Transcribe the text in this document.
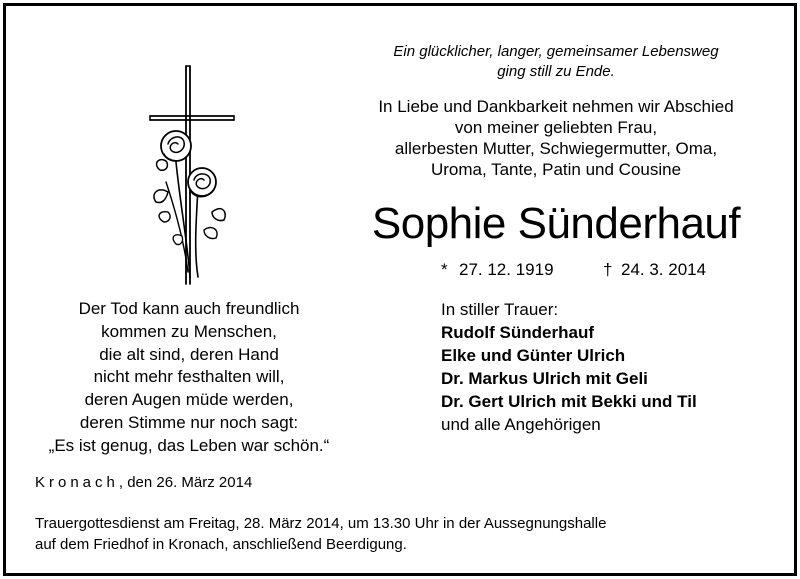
Ein glücklicher, langer, gemeinsamer Lebensweg
ging still zu Ende.
In Liebe und Dankbarkeit nehmen wir Abschied
von meiner geliebten Frau,
allerbesten Mutter, Schwiegermutter, Oma,
Uroma, Tante, Patin und Cousine
Sophie Sünderhauf
* 27. 12. 1919	† 24. 3. 2014
In stiller Trauer:
Rudolf Sünderhauf
Elke und Günter Ulrich
Dr. Markus Ulrich mit Geli
Dr. Gert Ulrich mit Bekki und Til
und alle Angehörigen
Der Tod kann auch freundlich
kommen zu Menschen,
die alt sind, deren Hand
nicht mehr festhalten will,
deren Augen müde werden,
deren Stimme nur noch sagt:
„Es ist genug, das Leben war schön.“
Kronach, den 26. März 2014
Trauergottesdienst am Freitag, 28. März 2014, um 13.30 Uhr in der Aussegnungshalle
auf dem Friedhof in Kronach, anschließend Beerdigung.
